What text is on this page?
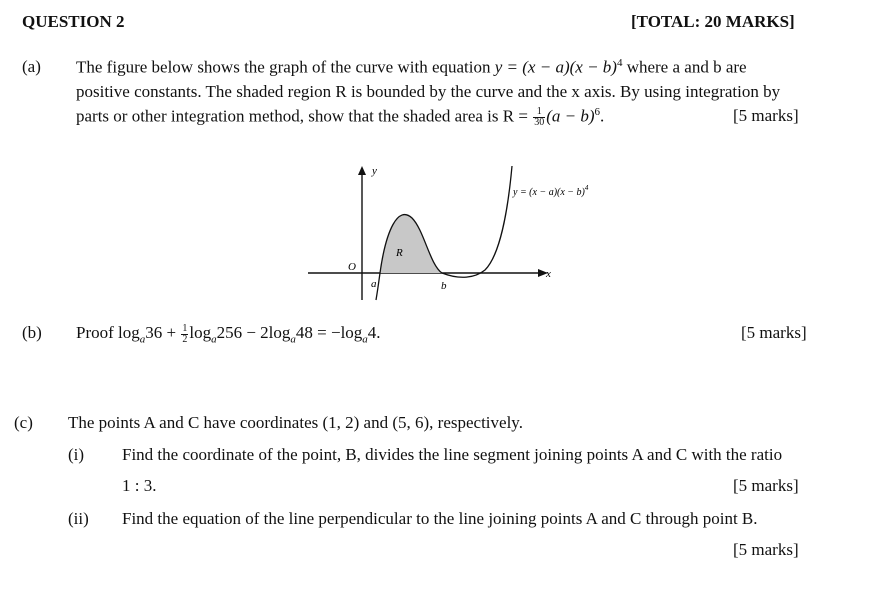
QUESTION 2	[TOTAL: 20 MARKS]
(a) The figure below shows the graph of the curve with equation $y = (x - a)(x - b)^4$ where a and b are
positive constants. The shaded region R is bounded by the curve and the x axis. By using integration by
parts or other integration method, show that the shaded area is $R = \frac{1}{30} (a - b)^6$.	[5 marks]
y
x
O
a	b
R
$y = (x - a)(x - b)^4$
(b) Proof $\log_a36 + \frac{1}{2} \log_a256 - 2\log_a48 = -\log_a4$.	[5 marks]
(c) The points A and C have coordinates (1, 2) and (5, 6), respectively.
(i) Find the coordinate of the point, B, divides the line segment joining points A and C with the ratio
1 : 3.	[5 marks]
(ii) Find the equation of the line perpendicular to the line joining points A and C through point B.
[5 marks]
